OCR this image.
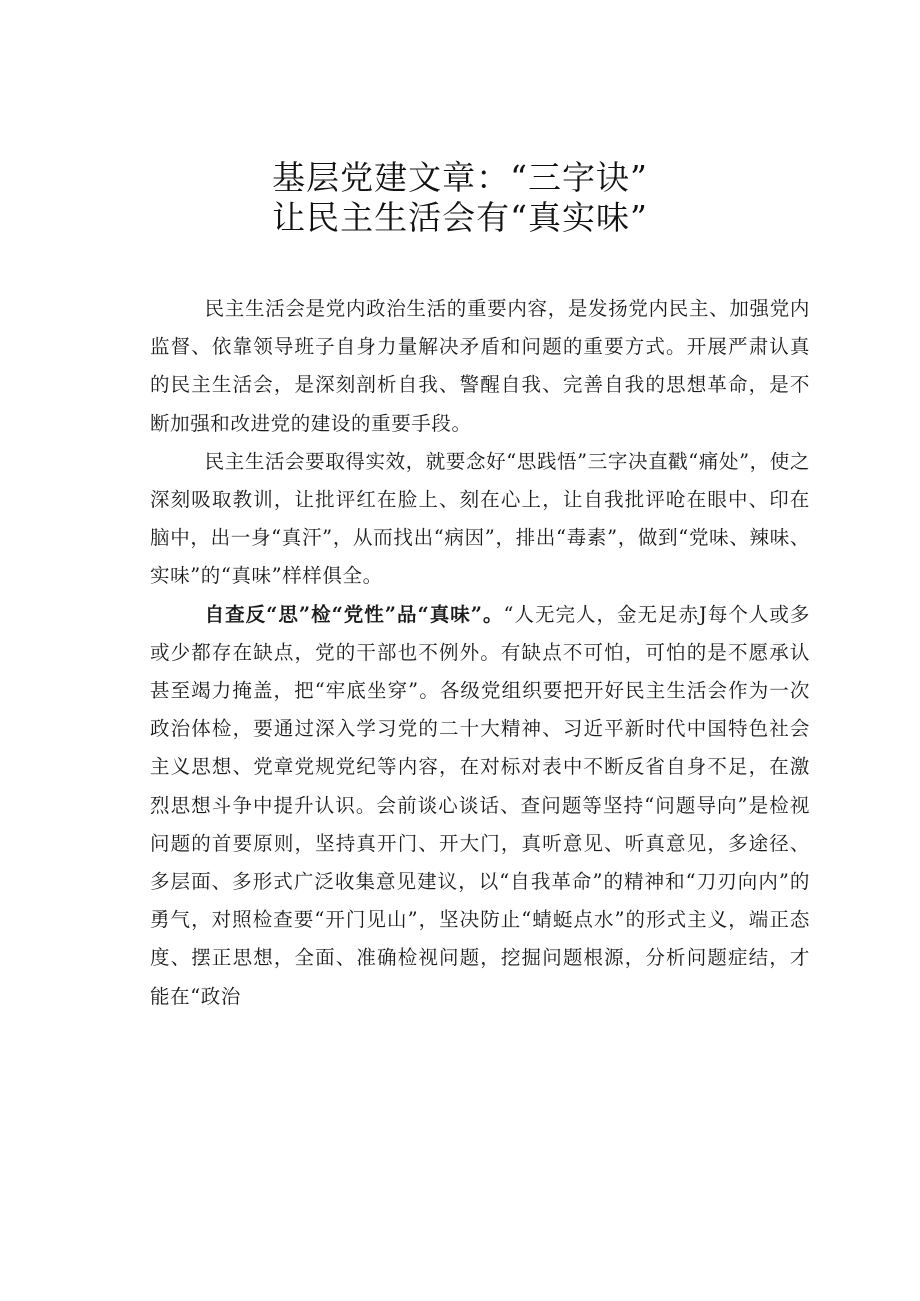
基层党建文章：“三字诀”
让民主生活会有“真实味”

民主生活会是党内政治生活的重要内容，是发扬党内民主、加强党内监督、依靠领导班子自身力量解决矛盾和问题的重要方式。开展严肃认真的民主生活会，是深刻剖析自我、警醒自我、完善自我的思想革命，是不断加强和改进党的建设的重要手段。

民主生活会要取得实效，就要念好“思践悟”三字决直戳“痛处”，使之深刻吸取教训，让批评红在脸上、刻在心上，让自我批评呛在眼中、印在脑中，出一身“真汗”，从而找出“病因”，排出“毒素”，做到“党味、辣味、实味”的“真味”样样俱全。

自查反“思”检“党性”品“真味”。“人无完人，金无足赤J每个人或多或少都存在缺点，党的干部也不例外。有缺点不可怕，可怕的是不愿承认甚至竭力掩盖，把“牢底坐穿”。各级党组织要把开好民主生活会作为一次政治体检，要通过深入学习党的二十大精神、习近平新时代中国特色社会主义思想、党章党规党纪等内容，在对标对表中不断反省自身不足，在激烈思想斗争中提升认识。会前谈心谈话、查问题等坚持“问题导向”是检视问题的首要原则，坚持真开门、开大门，真听意见、听真意见，多途径、多层面、多形式广泛收集意见建议，以“自我革命”的精神和“刀刃向内”的勇气，对照检查要“开门见山”，坚决防止“蜻蜓点水”的形式主义，端正态度、摆正思想，全面、准确检视问题，挖掘问题根源，分析问题症结，才能在“政治
